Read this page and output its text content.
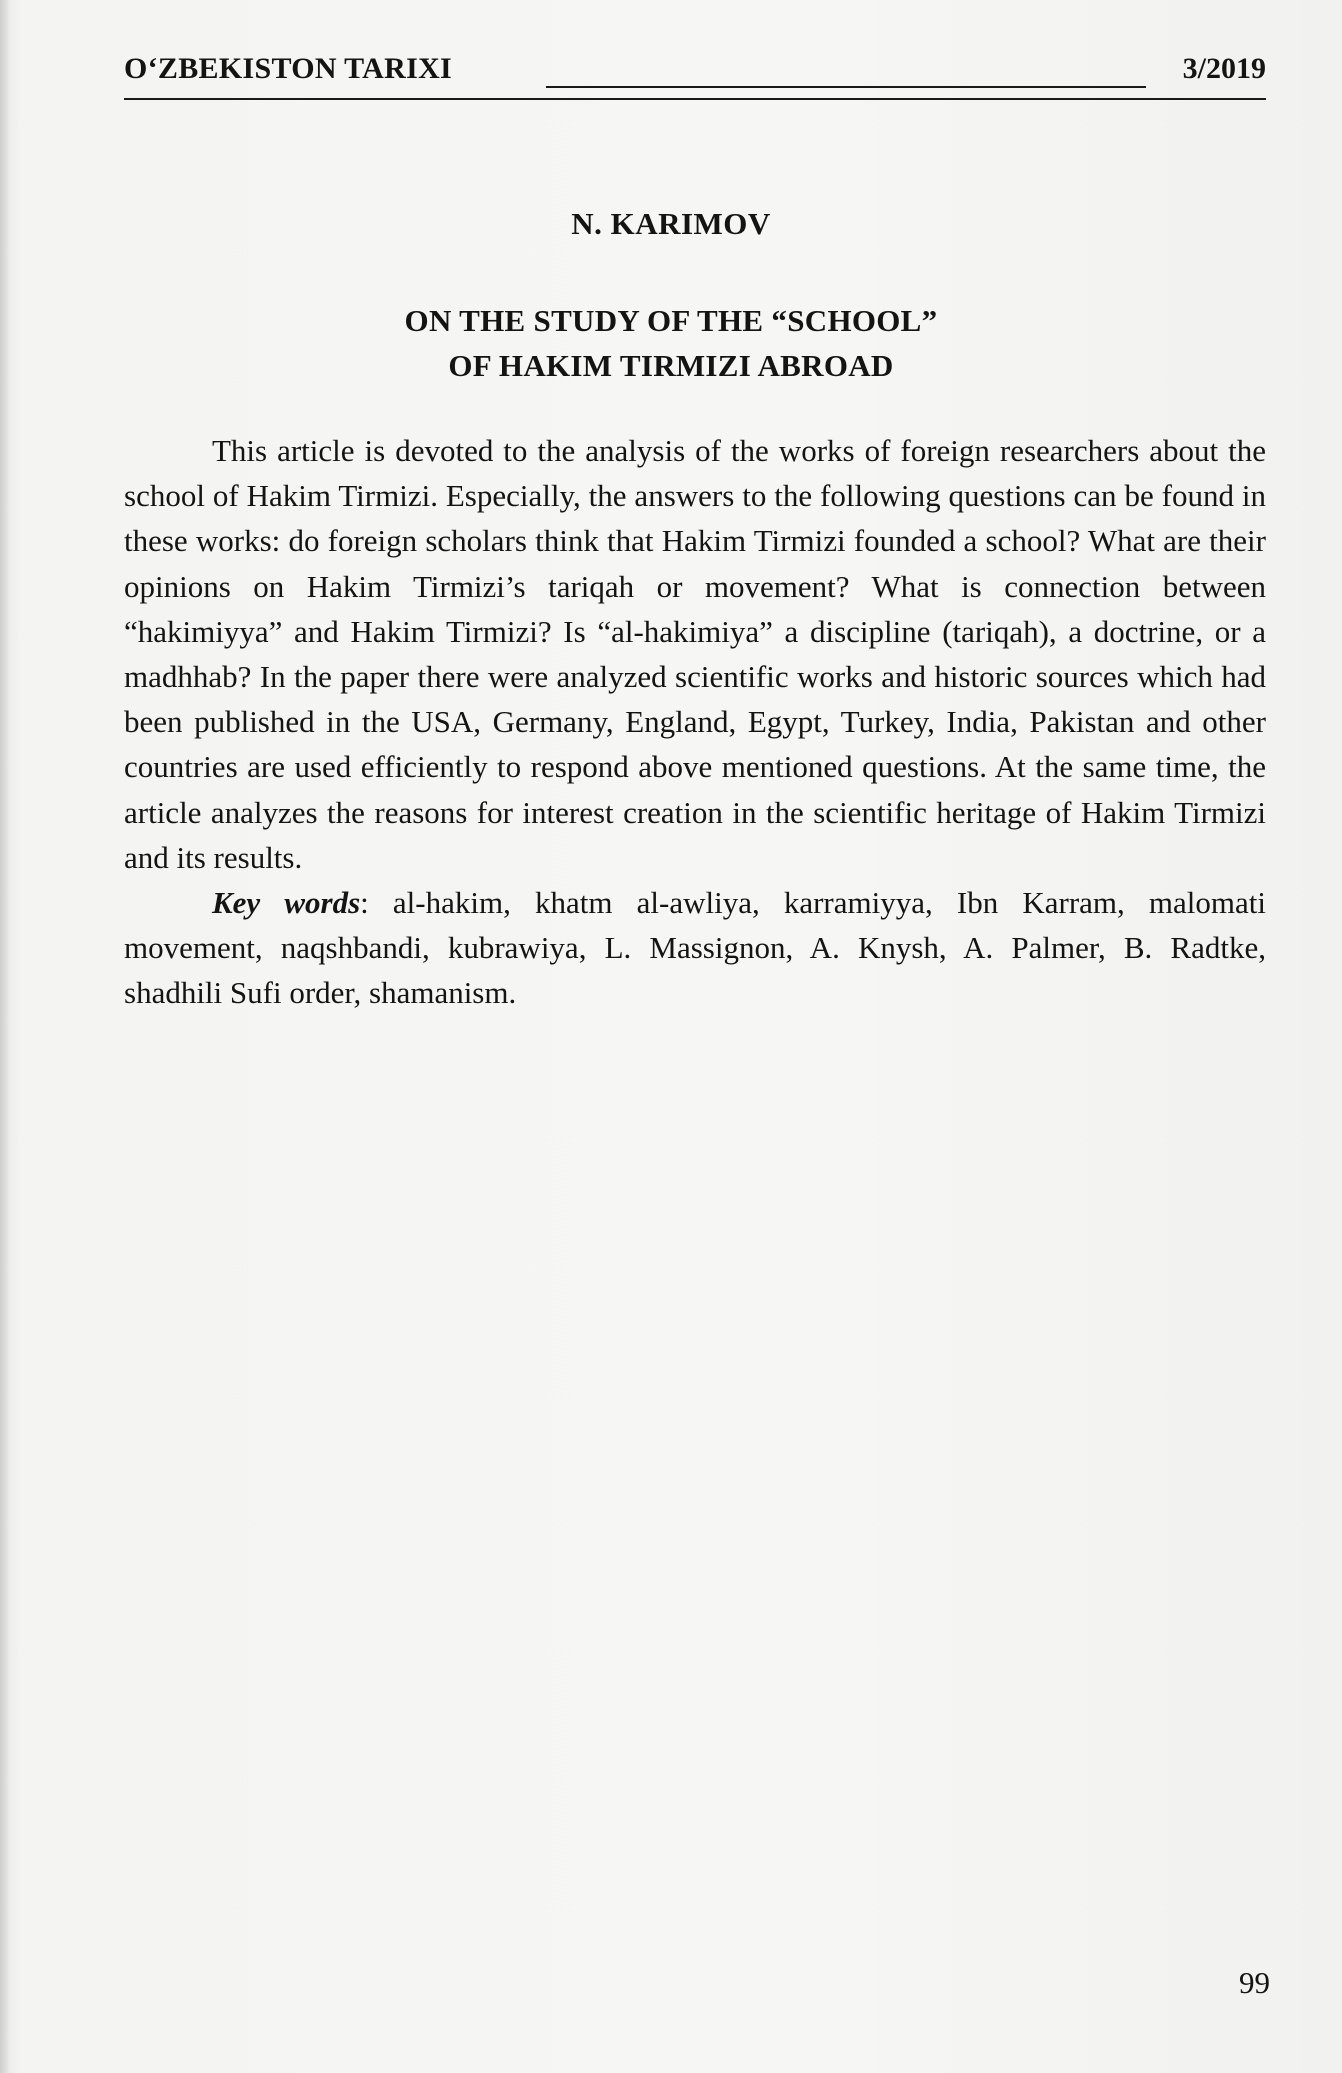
O‘ZBEKISTON TARIXI	3/2019
N. KARIMOV
ON THE STUDY OF THE “SCHOOL”
OF HAKIM TIRMIZI ABROAD

This article is devoted to the analysis of the works of foreign researchers about the school of Hakim Tirmizi. Especially, the answers to the following questions can be found in these works: do foreign scholars think that Hakim Tirmizi founded a school? What are their opinions on Hakim Tirmizi’s tariqah or movement? What is connection between “hakimiyya” and Hakim Tirmizi? Is “al-hakimiya” a discipline (tariqah), a doctrine, or a madhhab? In the paper there were analyzed scientific works and historic sources which had been published in the USA, Germany, England, Egypt, Turkey, India, Pakistan and other countries are used efficiently to respond above mentioned questions. At the same time, the article analyzes the reasons for interest creation in the scientific heritage of Hakim Tirmizi and its results.

Key words: al-hakim, khatm al-awliya, karramiyya, Ibn Karram, malomati movement, naqshbandi, kubrawiya, L. Massignon, A. Knysh, A. Palmer, B. Radtke, shadhili Sufi order, shamanism.

99
